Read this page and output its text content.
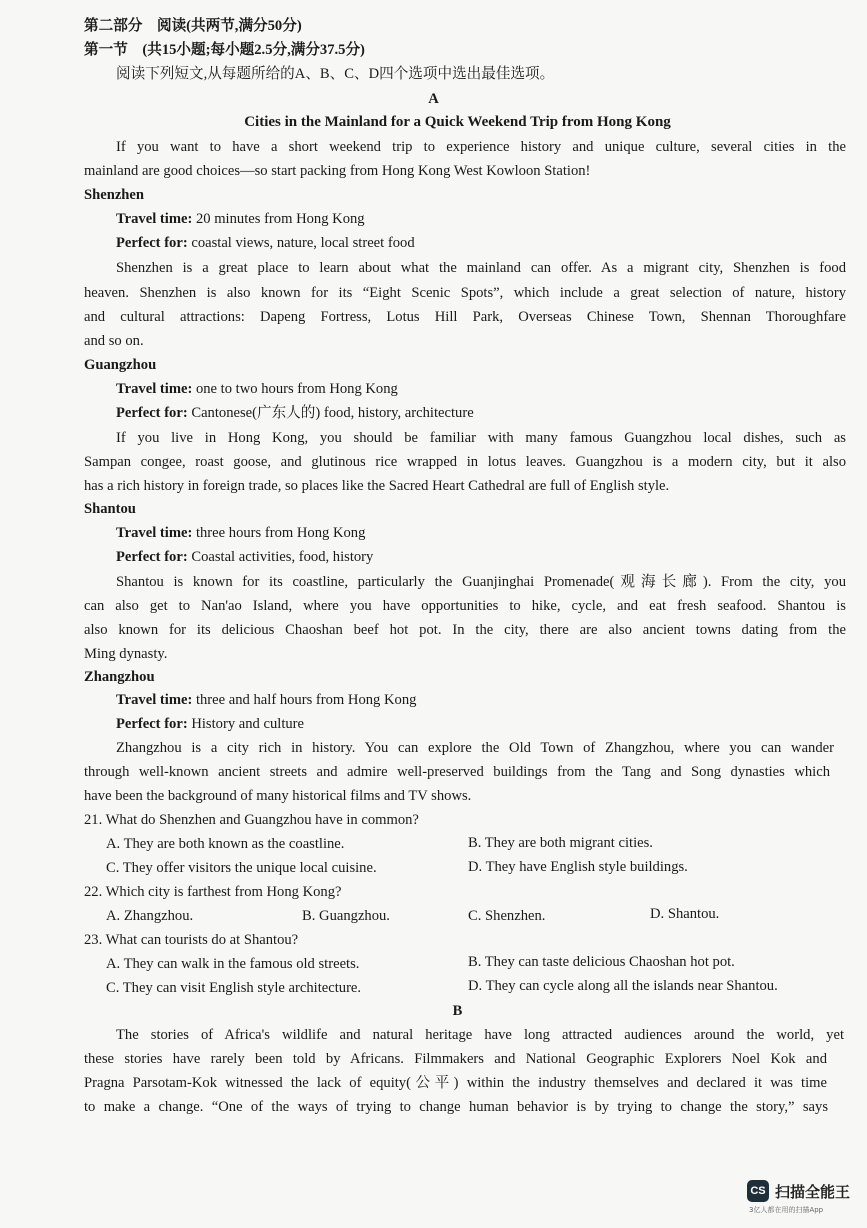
第二部分　阅读(共两节,满分50分)
第一节　(共15小题;每小题2.5分,满分37.5分)
阅读下列短文,从每题所给的A、B、C、D四个选项中选出最佳选项。
A
Cities in the Mainland for a Quick Weekend Trip from Hong Kong
If you want to have a short weekend trip to experience history and unique culture, several cities in the
mainland are good choices—so start packing from Hong Kong West Kowloon Station!
Shenzhen
Travel time: 20 minutes from Hong Kong
Perfect for: coastal views, nature, local street food
Shenzhen is a great place to learn about what the mainland can offer. As a migrant city, Shenzhen is food
heaven. Shenzhen is also known for its “Eight Scenic Spots”, which include a great selection of nature, history
and cultural attractions: Dapeng Fortress, Lotus Hill Park, Overseas Chinese Town, Shennan Thoroughfare
and so on.
Guangzhou
Travel time: one to two hours from Hong Kong
Perfect for: Cantonese(广东人的) food, history, architecture
If you live in Hong Kong, you should be familiar with many famous Guangzhou local dishes, such as
Sampan congee, roast goose, and glutinous rice wrapped in lotus leaves. Guangzhou is a modern city, but it also
has a rich history in foreign trade, so places like the Sacred Heart Cathedral are full of English style.
Shantou
Travel time: three hours from Hong Kong
Perfect for: Coastal activities, food, history
Shantou is known for its coastline, particularly the Guanjinghai Promenade(观海长廊). From the city, you
can also get to Nan'ao Island, where you have opportunities to hike, cycle, and eat fresh seafood. Shantou is
also known for its delicious Chaoshan beef hot pot. In the city, there are also ancient towns dating from the
Ming dynasty.
Zhangzhou
Travel time: three and half hours from Hong Kong
Perfect for: History and culture
Zhangzhou is a city rich in history. You can explore the Old Town of Zhangzhou, where you can wander
through well-known ancient streets and admire well-preserved buildings from the Tang and Song dynasties which
have been the background of many historical films and TV shows.
21. What do Shenzhen and Guangzhou have in common?
A. They are both known as the coastline.	B. They are both migrant cities.
C. They offer visitors the unique local cuisine.	D. They have English style buildings.
22. Which city is farthest from Hong Kong?
A. Zhangzhou.	B. Guangzhou.	C. Shenzhen.	D. Shantou.
23. What can tourists do at Shantou?
A. They can walk in the famous old streets.	B. They can taste delicious Chaoshan hot pot.
C. They can visit English style architecture.	D. They can cycle along all the islands near Shantou.
B
The stories of Africa's wildlife and natural heritage have long attracted audiences around the world, yet
these stories have rarely been told by Africans. Filmmakers and National Geographic Explorers Noel Kok and
Pragna Parsotam-Kok witnessed the lack of equity(公平) within the industry themselves and declared it was time
to make a change. “One of the ways of trying to change human behavior is by trying to change the story,” says
CS 扫描全能王
3亿人都在用的扫描App
